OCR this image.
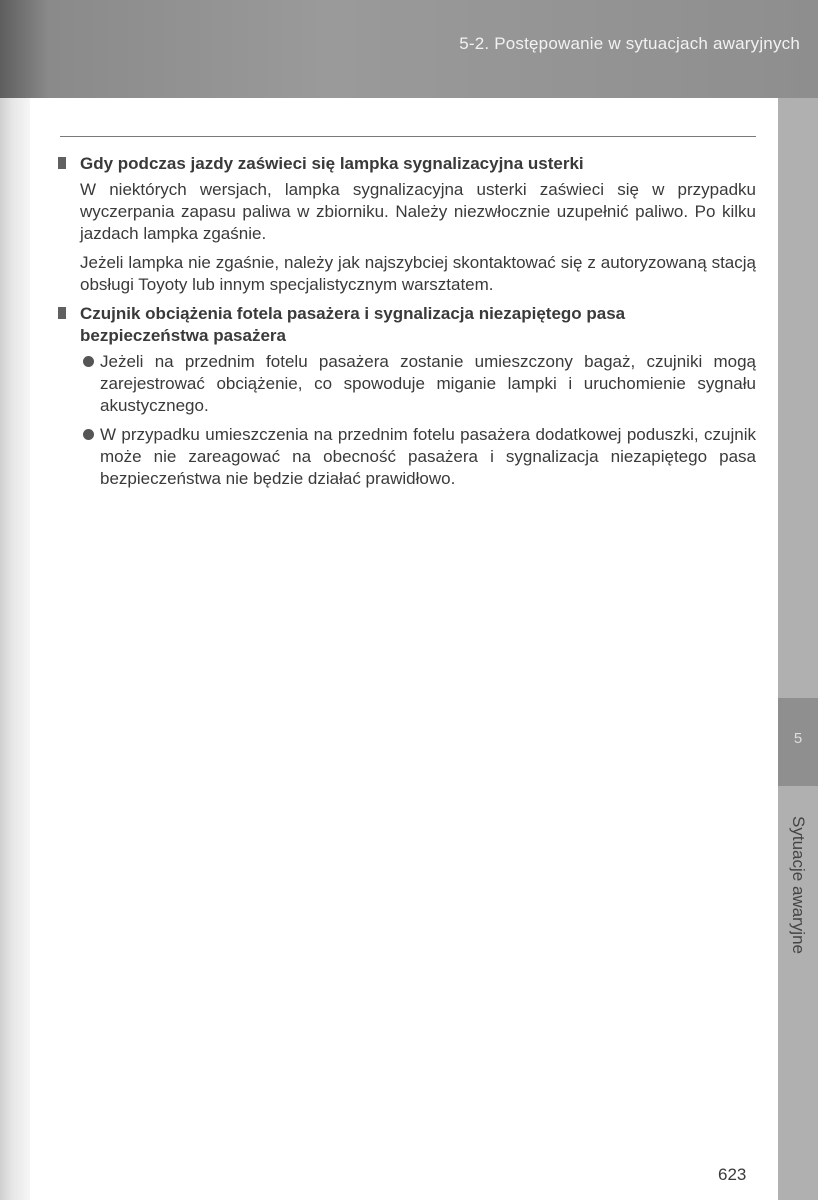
5-2. Postępowanie w sytuacjach awaryjnych
5
Sytuacje awaryjne

Gdy podczas jazdy zaświeci się lampka sygnalizacyjna usterki

W niektórych wersjach, lampka sygnalizacyjna usterki zaświeci się w przypadku wyczerpania zapasu paliwa w zbiorniku. Należy niezwłocznie uzupełnić paliwo. Po kilku jazdach lampka zgaśnie.

Jeżeli lampka nie zgaśnie, należy jak najszybciej skontaktować się z autoryzowaną stacją obsługi Toyoty lub innym specjalistycznym warsztatem.

Czujnik obciążenia fotela pasażera i sygnalizacja niezapiętego pasa bezpieczeństwa pasażera

Jeżeli na przednim fotelu pasażera zostanie umieszczony bagaż, czujniki mogą zarejestrować obciążenie, co spowoduje miganie lampki i uruchomienie sygnału akustycznego.
W przypadku umieszczenia na przednim fotelu pasażera dodatkowej poduszki, czujnik może nie zareagować na obecność pasażera i sygnalizacja niezapiętego pasa bezpieczeństwa nie będzie działać prawidłowo.
623
